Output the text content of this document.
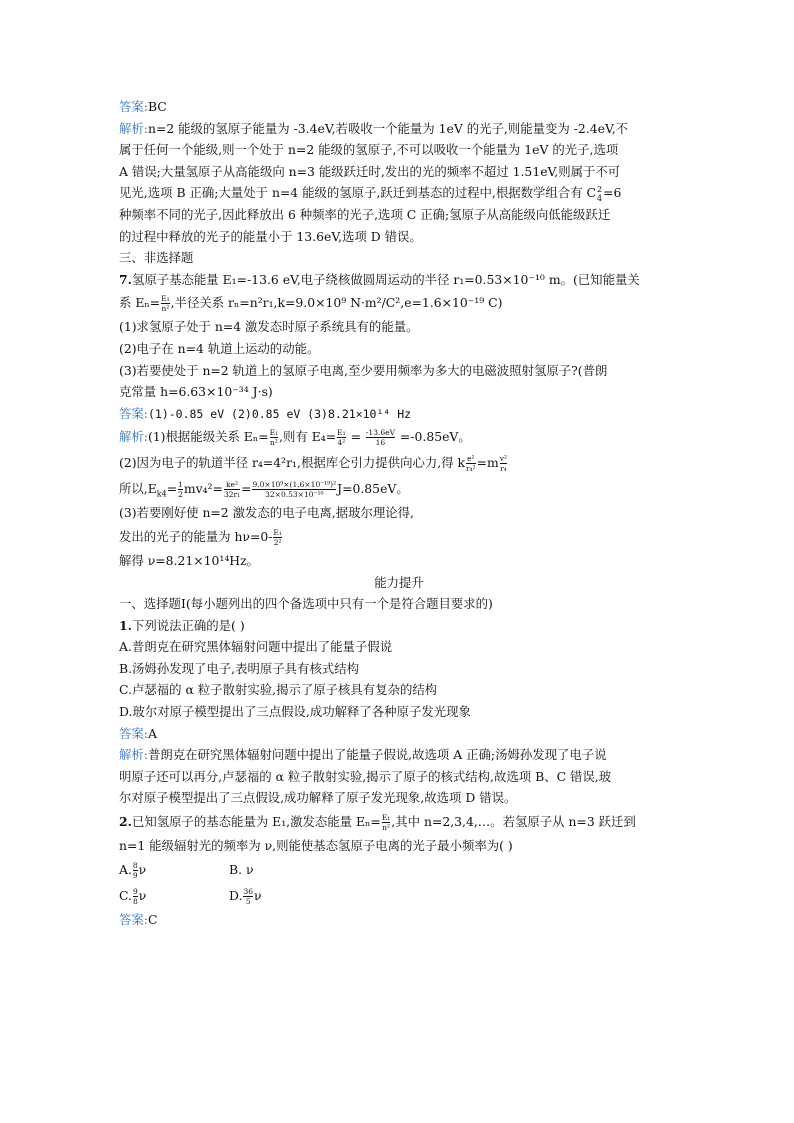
答案:BC
解析:n=2 能级的氢原子能量为 -3.4eV,若吸收一个能量为 1eV 的光子,则能量变为 -2.4eV,不
属于任何一个能级,则一个处于 n=2 能级的氢原子,不可以吸收一个能量为 1eV 的光子,选项
A 错误;大量氢原子从高能级向 n=3 能级跃迁时,发出的光的频率不超过 1.51eV,则属于不可
见光,选项 B 正确;大量处于 n=4 能级的氢原子,跃迁到基态的过程中,根据数学组合有 C 2
4 =6
种频率不同的光子,因此释放出 6 种频率的光子,选项 C 正确;氢原子从高能级向低能级跃迁
的过程中释放的光子的能量小于 13.6eV,选项 D 错误。
三、非选择题
7.氢原子基态能量 E₁=-13.6 eV,电子绕核做圆周运动的半径 r₁=0.53×10⁻¹⁰ m。(已知能量关
系 $E_n= \frac{\text{E₁}}{\text{n²}}$ ,半径关系 rₙ=n²r₁,k=9.0×10⁹ N·m²/C²,e=1.6×10⁻¹⁹ C)
(1)求氢原子处于 n=4 激发态时原子系统具有的能量。
(2)电子在 n=4 轨道上运动的动能。
(3)若要使处于 n=2 轨道上的氢原子电离,至少要用频率为多大的电磁波照射氢原子?(普朗
克常量 h=6.63×10⁻³⁴ J·s)
答案:(1)-0.85 eV (2)0.85 eV (3)8.21×10¹⁴ Hz
解析:(1)根据能级关系 $E_n= \frac{\text{E₁}}{\text{n²}}$ ,则有 $E_4= \frac{\text{E₁}}{\text{4²}} = \frac{-13.6eV}{16} =-0.85eV$。
(2)因为电子的轨道半径 r₄=4²r₁,根据库仑引力提供向心力,得 k $\frac{\text{e²}}{\text{r₄²}} =m \frac{\text{v²}}{\text{r₄}}$
所以$,E_{k4}= \frac{1}{2} mv_4^2= \frac{\text{ke²}}{\text{32r₁}} = \frac{\text{9.0×10⁹×(1.6×10⁻¹⁹)²}}{\text{32×0.53×10⁻¹⁰}} J=0.85eV$。
(3)若要刚好使 n=2 激发态的电子电离,据玻尔理论得,
发出的光子的能量为 $h\nu=0- \frac{\text{E₁}}{\text{2²}}$
解得 ν=8.21×10¹⁴Hz。
能力提升
一、选择题Ⅰ(每小题列出的四个备选项中只有一个是符合题目要求的)
1.下列说法正确的是( )
A.普朗克在研究黑体辐射问题中提出了能量子假说
B.汤姆孙发现了电子,表明原子具有核式结构
C.卢瑟福的 α 粒子散射实验,揭示了原子核具有复杂的结构
D.玻尔对原子模型提出了三点假设,成功解释了各种原子发光现象
答案:A
解析:普朗克在研究黑体辐射问题中提出了能量子假说,故选项 A 正确;汤姆孙发现了电子说
明原子还可以再分,卢瑟福的 α 粒子散射实验,揭示了原子的核式结构,故选项 B、C 错误,玻
尔对原子模型提出了三点假设,成功解释了原子发光现象,故选项 D 错误。
2.已知氢原子的基态能量为 E₁,激发态能量 $E_n= \frac{\text{E₁}}{\text{n²}}$ ,其中 n=2,3,4,…。若氢原子从 n=3 跃迁到
n=1 能级辐射光的频率为 ν,则能使基态氢原子电离的光子最小频率为( )
A. $\frac{8}{9}$ ν	B. ν
C. $\frac{9}{8}$ ν	D. $\frac{36}{5}$ ν
答案:C
